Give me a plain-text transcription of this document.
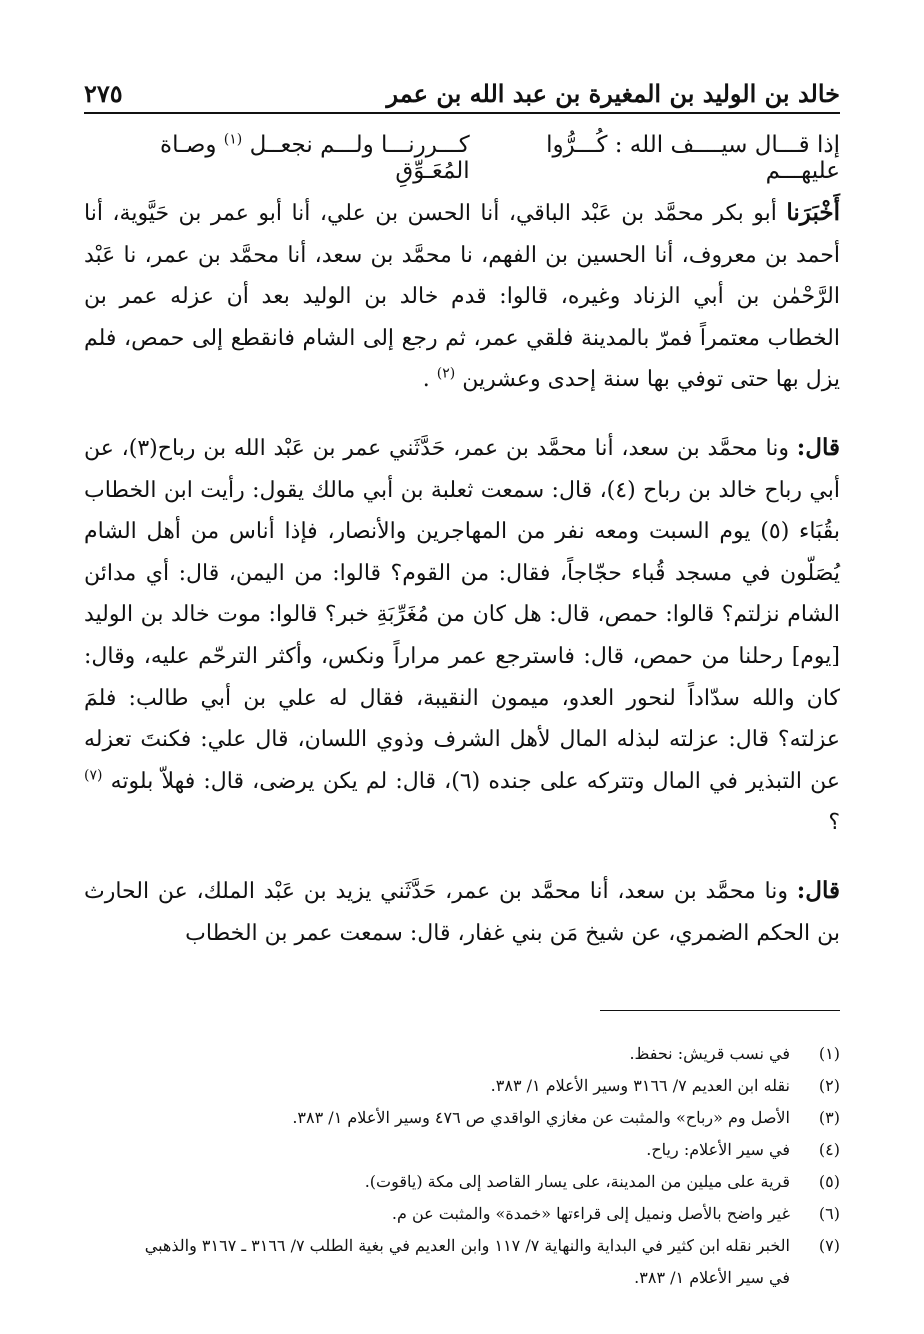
خالد بن الوليد بن المغيرة بن عبد الله بن عمر
٢٧٥
إذا قـــال سيــــف الله : كُـــرُّوا عليهـــم
كـــررنـــا ولـــم نجعــل $^{(١)}$ وصـاة المُعَـوِّقِ

أَخْبَرَنا أبو بكر محمَّد بن عَبْد الباقي، أنا الحسن بن علي، أنا أبو عمر بن حَيَّوية، أنا أحمد بن معروف، أنا الحسين بن الفهم، نا محمَّد بن سعد، أنا محمَّد بن عمر، نا عَبْد الرَّحْمٰن بن أبي الزناد وغيره، قالوا: قدم خالد بن الوليد بعد أن عزله عمر بن الخطاب معتمراً فمرّ بالمدينة فلقي عمر، ثم رجع إلى الشام فانقطع إلى حمص، فلم يزل بها حتى توفي بها سنة إحدى وعشرين $^{(٢)}$ .

قال: ونا محمَّد بن سعد، أنا محمَّد بن عمر، حَدَّثَني عمر بن عَبْد الله بن رباح(٣)، عن أبي رباح خالد بن رباح (٤)، قال: سمعت ثعلبة بن أبي مالك يقول: رأيت ابن الخطاب بقُبَاء (٥) يوم السبت ومعه نفر من المهاجرين والأنصار، فإذا أناس من أهل الشام يُصَلّون في مسجد قُباء حجّاجاً، فقال: من القوم؟ قالوا: من اليمن، قال: أي مدائن الشام نزلتم؟ قالوا: حمص، قال: هل كان من مُغَرِّبَةِ خبر؟ قالوا: موت خالد بن الوليد [يوم] رحلنا من حمص، قال: فاسترجع عمر مراراً ونكس، وأكثر الترحّم عليه، وقال: كان والله سدّاداً لنحور العدو، ميمون النقيبة، فقال له علي بن أبي طالب: فلمَ عزلته؟ قال: عزلته لبذله المال لأهل الشرف وذوي اللسان، قال علي: فكنتَ تعزله عن التبذير في المال وتتركه على جنده (٦)، قال: لم يكن يرضى، قال: فهلاّ بلوته $^{(٧)}$ ؟

قال: ونا محمَّد بن سعد، أنا محمَّد بن عمر، حَدَّثَني يزيد بن عَبْد الملك، عن الحارث بن الحكم الضمري، عن شيخ مَن بني غفار، قال: سمعت عمر بن الخطاب

(١)
في نسب قريش: نحفظ.
(٢)
نقله ابن العديم ٧/ ٣١٦٦ وسير الأعلام ١/ ٣٨٣.
(٣)
الأصل وم «رباح» والمثبت عن مغازي الواقدي ص ٤٧٦ وسير الأعلام ١/ ٣٨٣.
(٤)
في سير الأعلام: رياح.
(٥)
قرية على ميلين من المدينة، على يسار القاصد إلى مكة (ياقوت).
(٦)
غير واضح بالأصل ونميل إلى قراءتها «خمدة» والمثبت عن م.
(٧)
الخبر نقله ابن كثير في البداية والنهاية ٧/ ١١٧ وابن العديم في بغية الطلب ٧/ ٣١٦٦ ـ ٣١٦٧ والذهبي
في سير الأعلام ١/ ٣٨٣.
